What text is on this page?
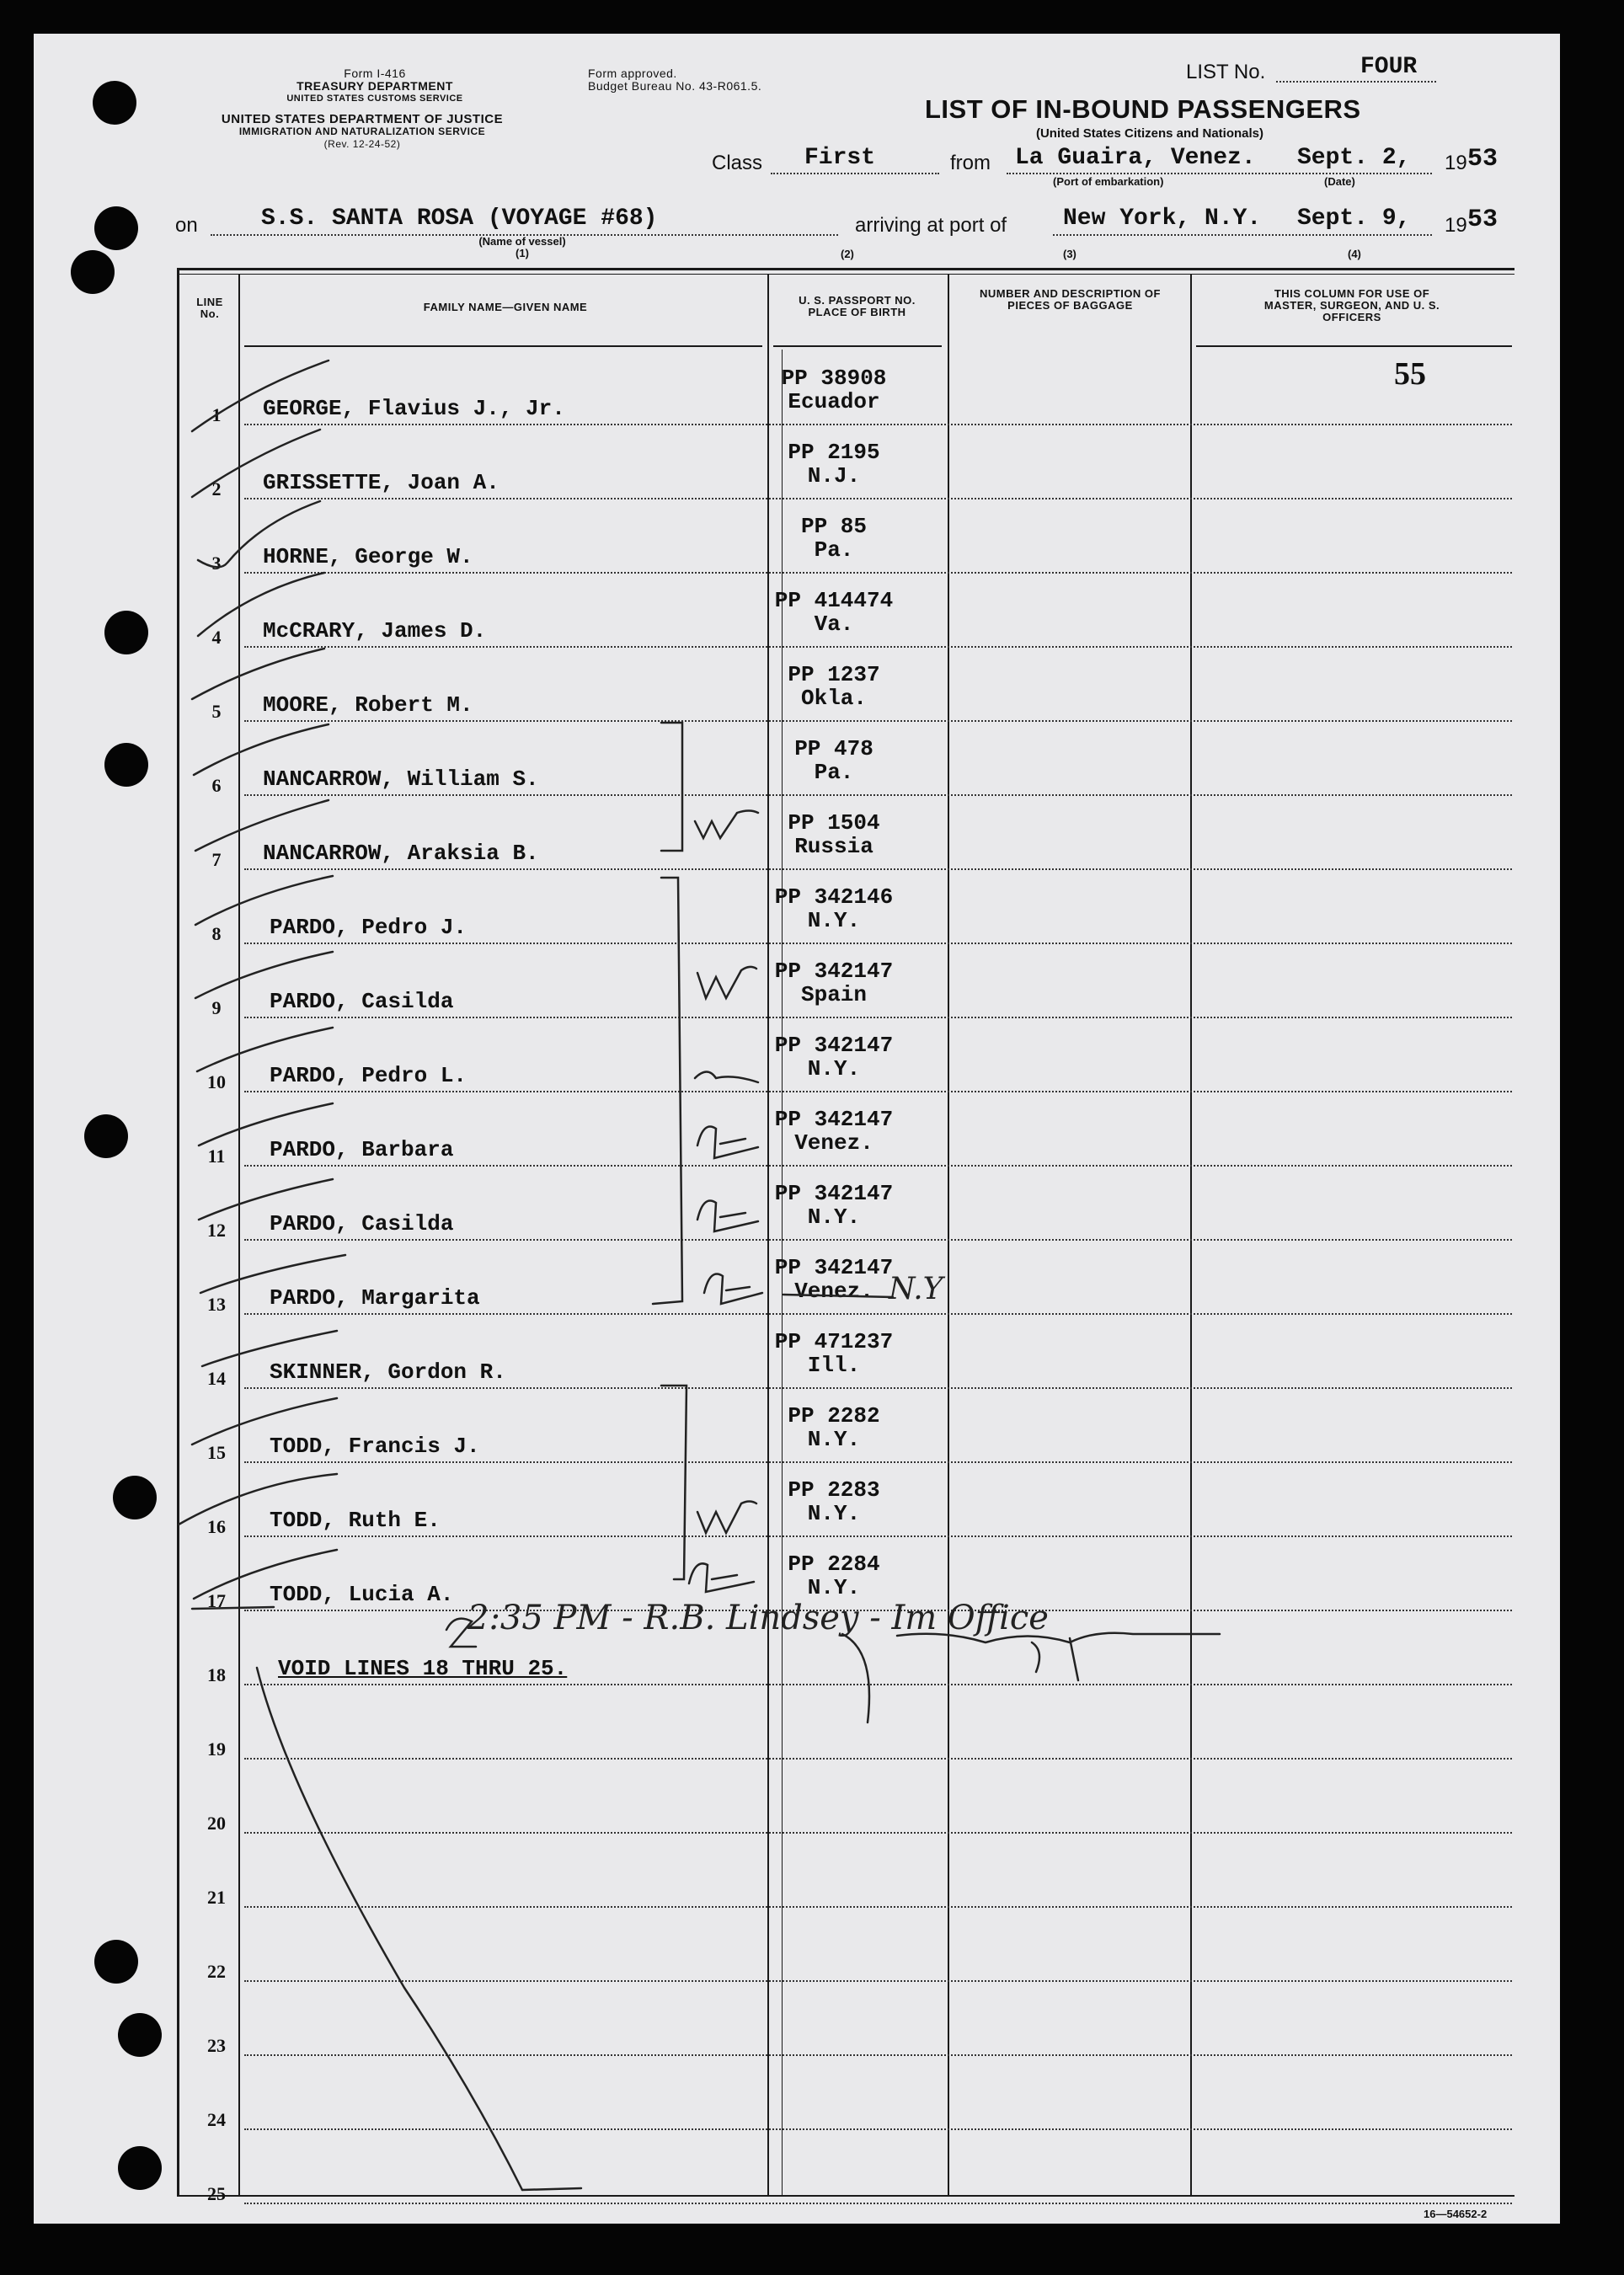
Form I-416
TREASURY DEPARTMENT
UNITED STATES CUSTOMS SERVICE
Form approved.
Budget Bureau No. 43-R061.5.
UNITED STATES DEPARTMENT OF JUSTICE
IMMIGRATION AND NATURALIZATION SERVICE
(Rev. 12-24-52)
LIST No.	FOUR
LIST OF IN-BOUND PASSENGERS
(United States Citizens and Nationals)
Class First	from La Guaira, Venez. Sept. 2, 19 53
(Port of embarkation)	(Date)
on	S.S. SANTA ROSA (VOYAGE #68)
(Name of vessel)
(1)
arriving at port of New York, N.Y. Sept. 9, 19 53
(2)	(3)	(4)
LINE No.
FAMILY NAME—GIVEN NAME
U. S. PASSPORT NO. PLACE OF BIRTH
NUMBER AND DESCRIPTION OF PIECES OF BAGGAGE
THIS COLUMN FOR USE OF MASTER, SURGEON, AND U. S. OFFICERS
55
1	GEORGE, Flavius J., Jr.
PP 38908
Ecuador
2	GRISSETTE, Joan A.
PP 2195
N.J.
3	HORNE, George W.
PP 85
Pa.
4	McCRARY, James D.
PP 414474
Va.
5	MOORE, Robert M.
PP 1237
Okla.
6	NANCARROW, William S.
PP 478
Pa.
7	NANCARROW, Araksia B.
PP 1504
Russia
8	PARDO, Pedro J.
PP 342146
N.Y.
9	PARDO, Casilda
PP 342147
Spain
10	PARDO, Pedro L.
PP 342147
N.Y.
11	PARDO, Barbara
PP 342147
Venez.
12	PARDO, Casilda
PP 342147
N.Y.
13	PARDO, Margarita
PP 342147
Venez.
14	SKINNER, Gordon R.
PP 471237
Ill.
15	TODD, Francis J.
PP 2282
N.Y.
16	TODD, Ruth E.
PP 2283
N.Y.
17	TODD, Lucia A.
PP 2284
N.Y.
18	VOID LINES 18 THRU 25.
19
20
21
22
23
24
25
2:35 PM - R.B. Lindsey - Im Office
N.Y
16—54652-2
